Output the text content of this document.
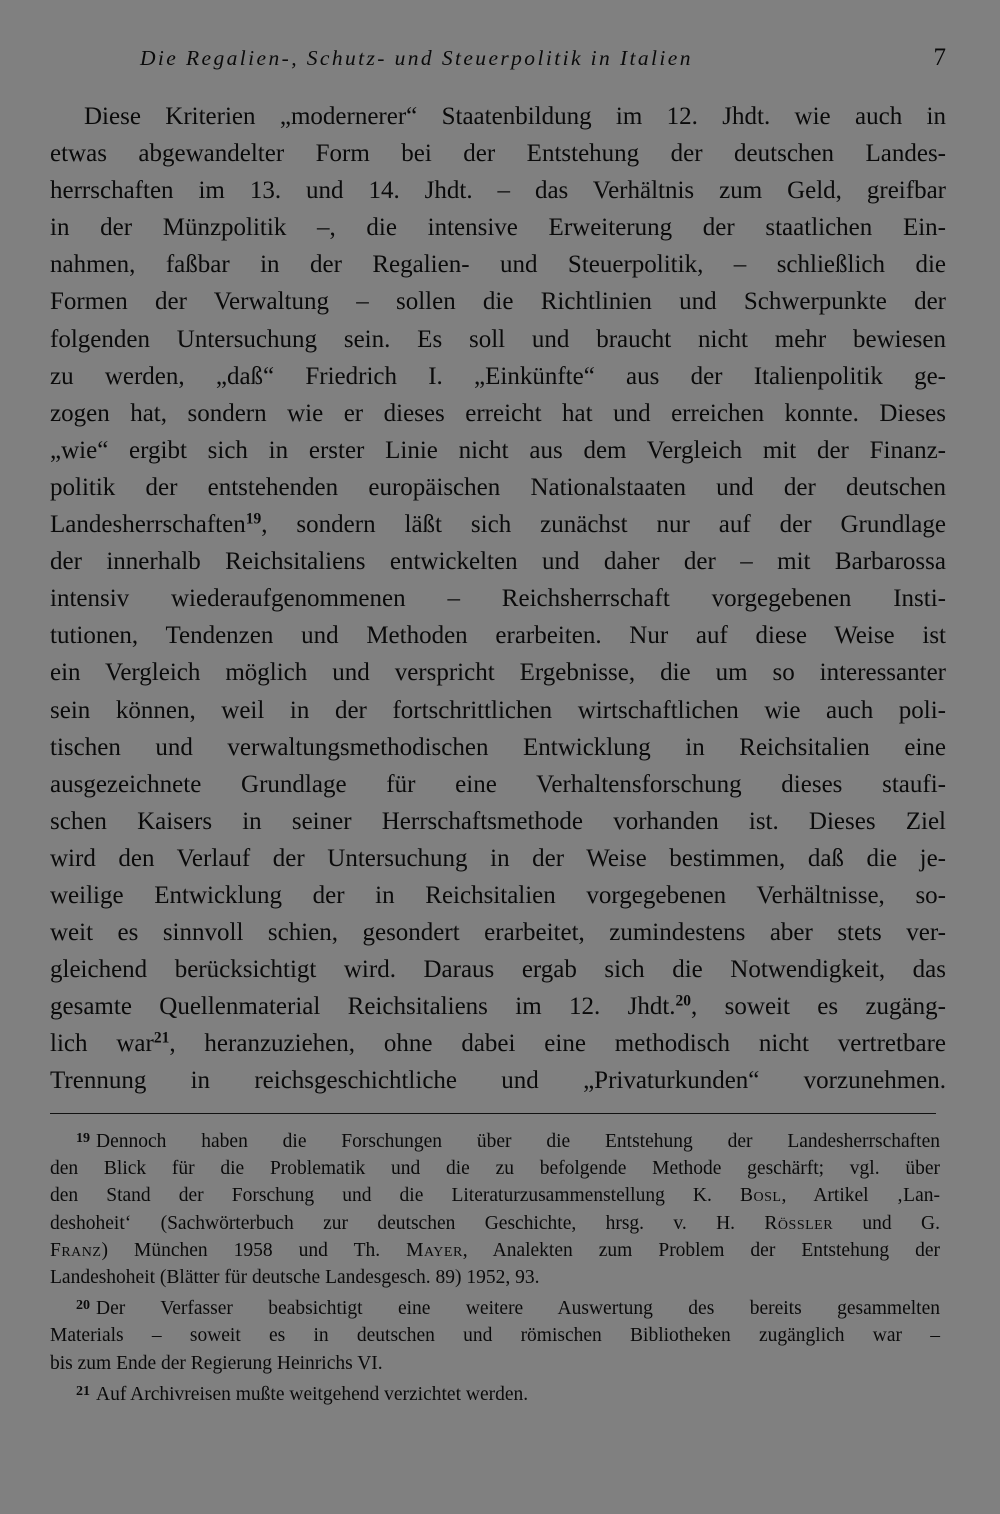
Die Regalien-, Schutz- und Steuerpolitik in Italien	7
Diese Kriterien „modernerer“ Staatenbildung im 12. Jhdt. wie auch in
etwas abgewandelter Form bei der Entstehung der deutschen Landes-
herrschaften im 13. und 14. Jhdt. – das Verhältnis zum Geld, greifbar
in der Münzpolitik –, die intensive Erweiterung der staatlichen Ein-
nahmen, faßbar in der Regalien- und Steuerpolitik, – schließlich die
Formen der Verwaltung – sollen die Richtlinien und Schwerpunkte der
folgenden Untersuchung sein. Es soll und braucht nicht mehr bewiesen
zu werden, „daß“ Friedrich I. „Einkünfte“ aus der Italienpolitik ge-
zogen hat, sondern wie er dieses erreicht hat und erreichen konnte. Dieses
„wie“ ergibt sich in erster Linie nicht aus dem Vergleich mit der Finanz-
politik der entstehenden europäischen Nationalstaaten und der deutschen
Landesherrschaften$^{19}$, sondern läßt sich zunächst nur auf der Grundlage
der innerhalb Reichsitaliens entwickelten und daher der – mit Barbarossa
intensiv wiederaufgenommenen – Reichsherrschaft vorgegebenen Insti-
tutionen, Tendenzen und Methoden erarbeiten. Nur auf diese Weise ist
ein Vergleich möglich und verspricht Ergebnisse, die um so interessanter
sein können, weil in der fortschrittlichen wirtschaftlichen wie auch poli-
tischen und verwaltungsmethodischen Entwicklung in Reichsitalien eine
ausgezeichnete Grundlage für eine Verhaltensforschung dieses staufi-
schen Kaisers in seiner Herrschaftsmethode vorhanden ist. Dieses Ziel
wird den Verlauf der Untersuchung in der Weise bestimmen, daß die je-
weilige Entwicklung der in Reichsitalien vorgegebenen Verhältnisse, so-
weit es sinnvoll schien, gesondert erarbeitet, zumindestens aber stets ver-
gleichend berücksichtigt wird. Daraus ergab sich die Notwendigkeit, das
gesamte Quellenmaterial Reichsitaliens im 12. Jhdt.$^{20}$, soweit es zugäng-
lich war$^{21}$, heranzuziehen, ohne dabei eine methodisch nicht vertretbare
Trennung in reichsgeschichtliche und „Privaturkunden“ vorzunehmen.
$^{19}$ Dennoch haben die Forschungen über die Entstehung der Landesherrschaften
den Blick für die Problematik und die zu befolgende Methode geschärft; vgl. über
den Stand der Forschung und die Literaturzusammenstellung K. Bosl, Artikel ‚Lan-
deshoheit‘ (Sachwörterbuch zur deutschen Geschichte, hrsg. v. H. Rössler und G.
Franz) München 1958 und Th. Mayer, Analekten zum Problem der Entstehung der
Landeshoheit (Blätter für deutsche Landesgesch. 89) 1952, 93.
$^{20}$ Der Verfasser beabsichtigt eine weitere Auswertung des bereits gesammelten
Materials – soweit es in deutschen und römischen Bibliotheken zugänglich war –
bis zum Ende der Regierung Heinrichs VI.
$^{21}$ Auf Archivreisen mußte weitgehend verzichtet werden.
